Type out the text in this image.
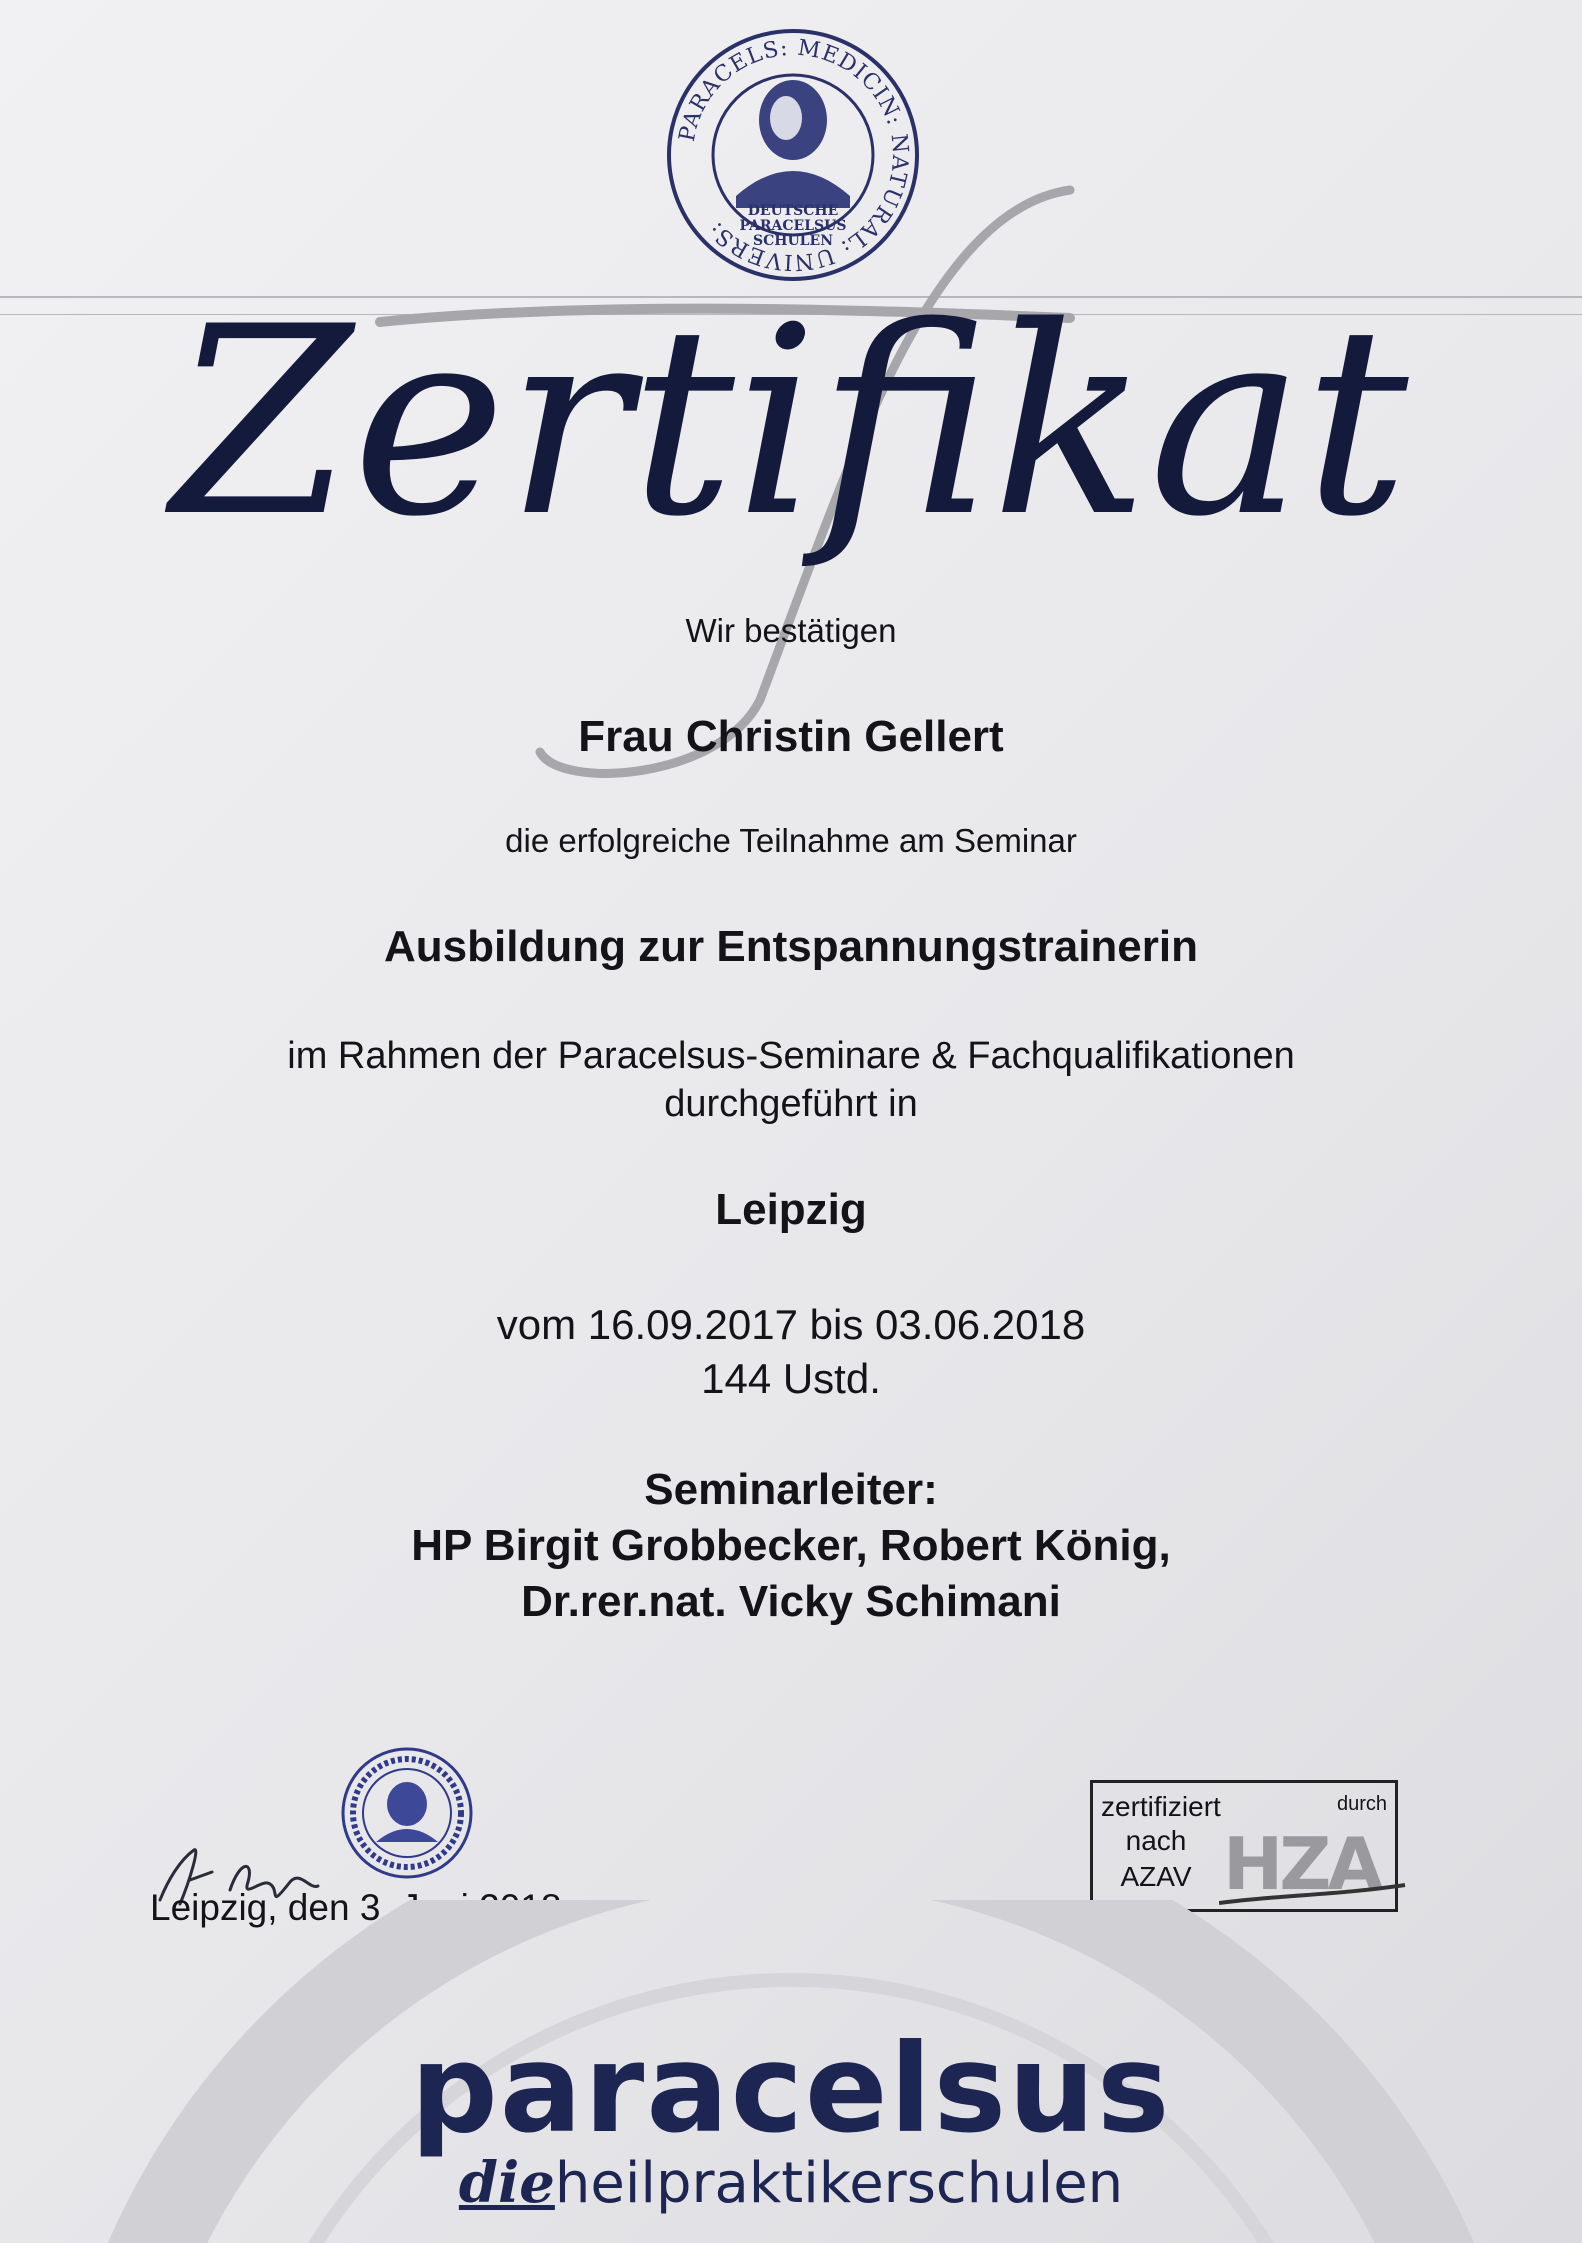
PARACELS: MEDICIN: NATURAL: UNIVERS:
DEUTSCHE
PARACELSUS
SCHULEN
Zertifikat
Wir bestätigen
Frau Christin Gellert
die erfolgreiche Teilnahme am Seminar
Ausbildung zur Entspannungstrainerin
im Rahmen der Paracelsus-Seminare & Fachqualifikationen
durchgeführt in
Leipzig
vom 16.09.2017 bis 03.06.2018
144 Ustd.
Seminarleiter:
HP Birgit Grobbecker, Robert König,
Dr.rer.nat. Vicky Schimani
Leipzig, den 3. Juni 2018
zertifiziert
nach
AZAV
durch
HZA
paracelsus
dieheilpraktikerschulen
